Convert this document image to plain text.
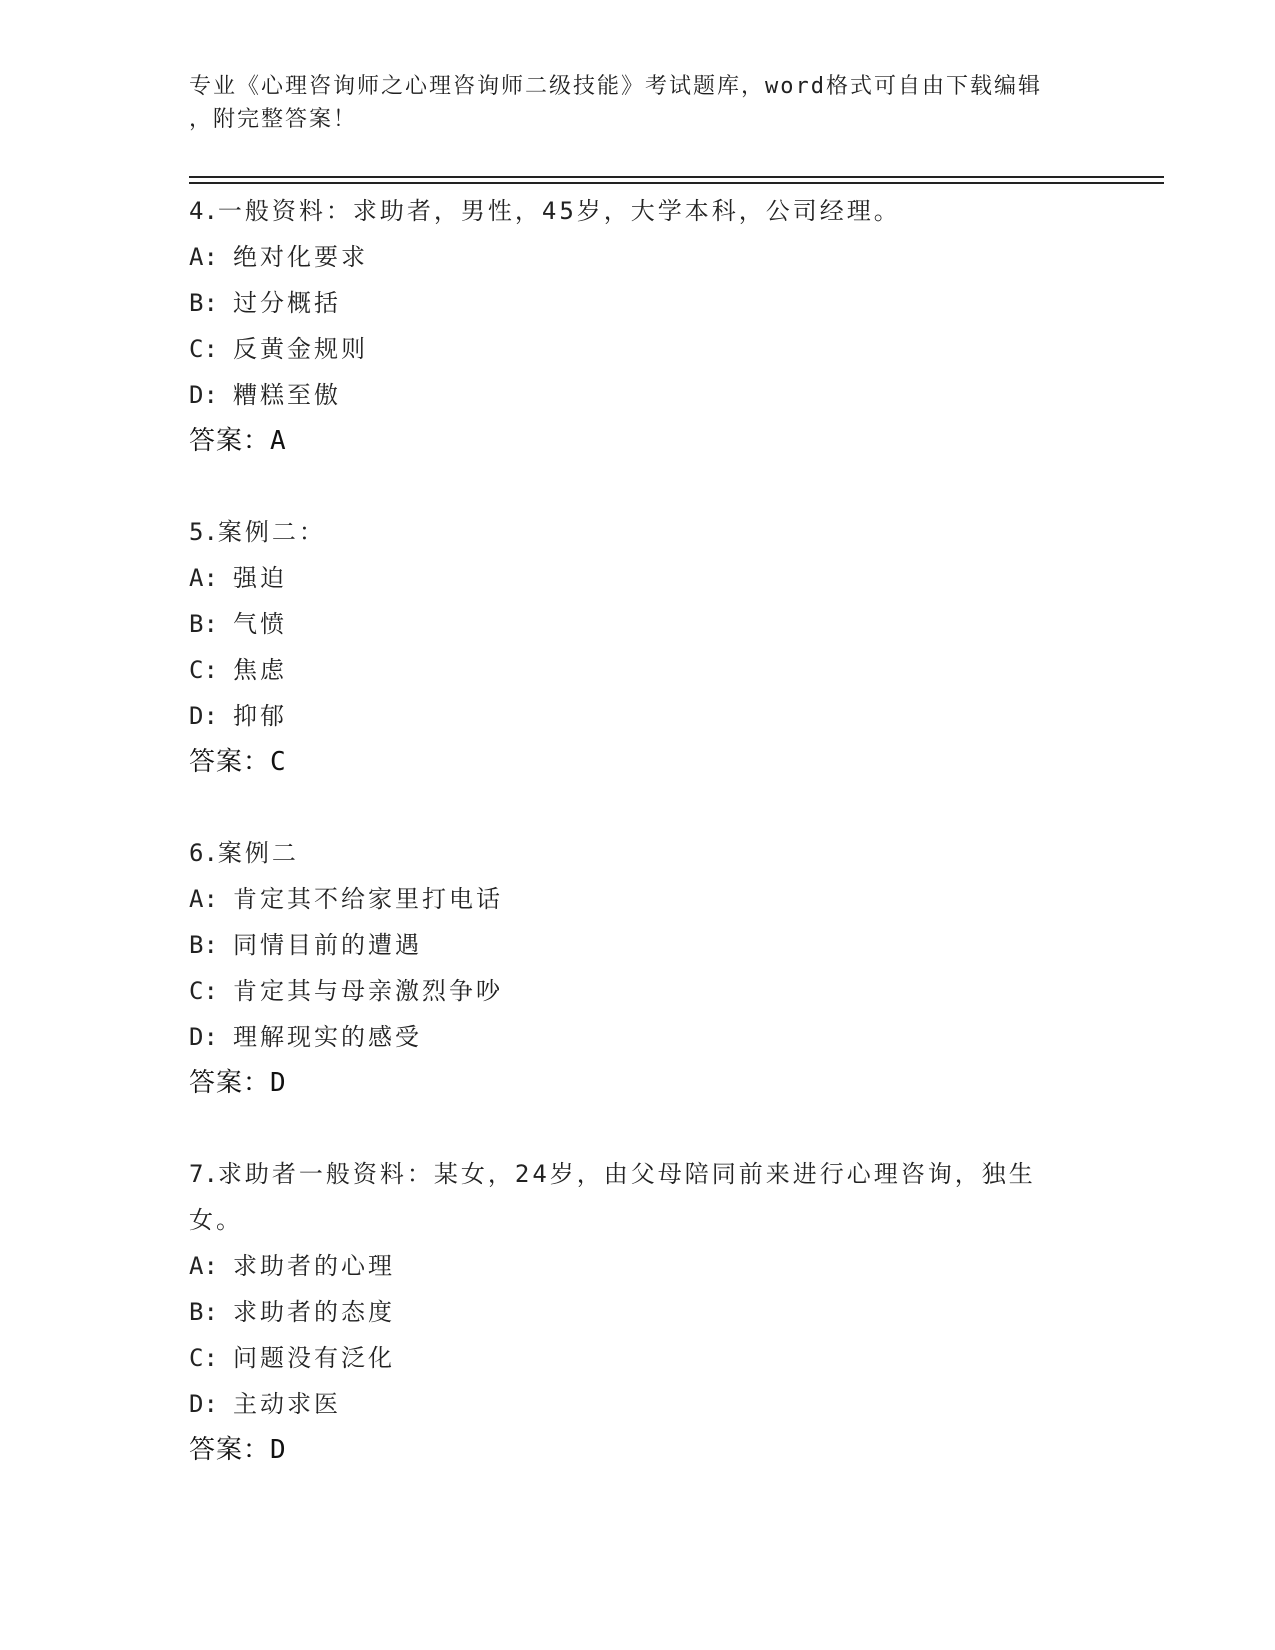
专业《心理咨询师之心理咨询师二级技能》考试题库，word格式可自由下载编辑
，附完整答案！
4.一般资料：求助者，男性，45岁，大学本科，公司经理。
A: 绝对化要求
B: 过分概括
C: 反黄金规则
D: 糟糕至傲
答案：A
5.案例二：
A: 强迫
B: 气愤
C: 焦虑
D: 抑郁
答案：C
6.案例二
A: 肯定其不给家里打电话
B: 同情目前的遭遇
C: 肯定其与母亲激烈争吵
D: 理解现实的感受
答案：D
7.求助者一般资料：某女，24岁，由父母陪同前来进行心理咨询，独生女。
A: 求助者的心理
B: 求助者的态度
C: 问题没有泛化
D: 主动求医
答案：D
